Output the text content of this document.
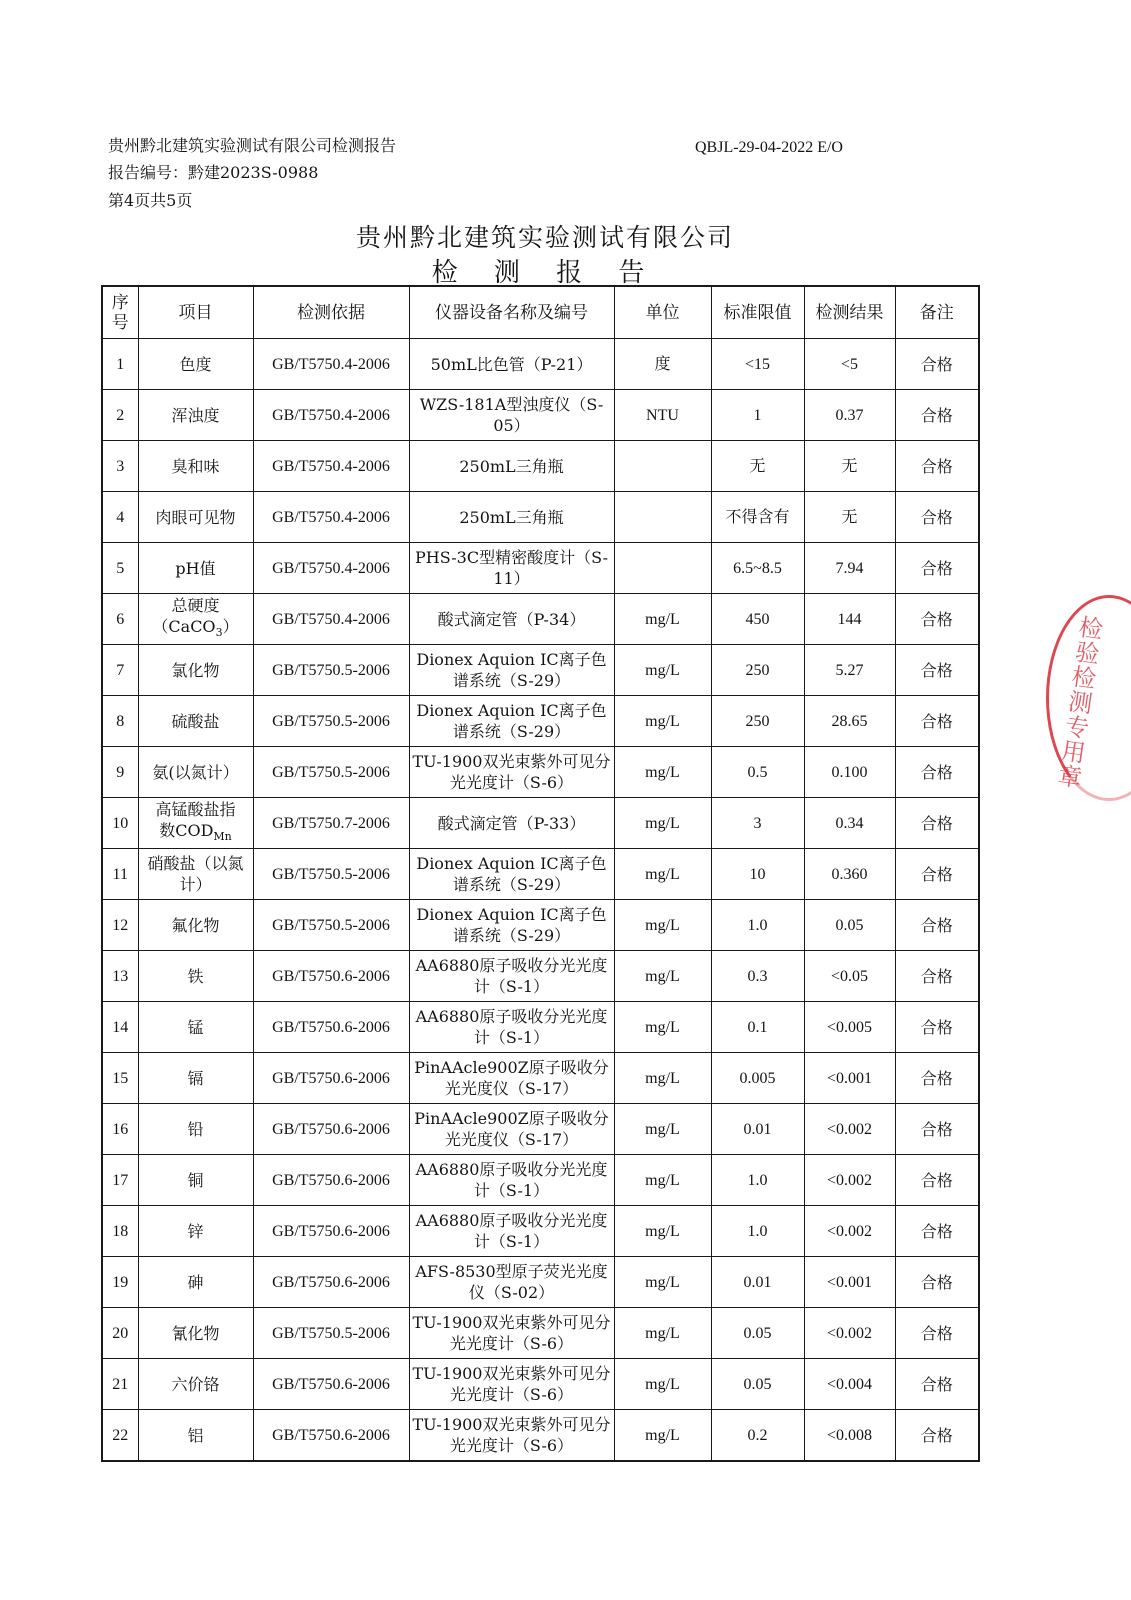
贵州黔北建筑实验测试有限公司检测报告
报告编号：黔建2023S-0988
第4页共5页
QBJL-29-04-2022 E/O
贵州黔北建筑实验测试有限公司
检 测 报 告
序
号	项目	检测依据	仪器设备名称及编号	单位	标准限值	检测结果	备注
1	色度	GB/T5750.4-2006	50mL比色管（P-21）	度	<15	<5	合格
2	浑浊度	GB/T5750.4-2006	WZS-181A型浊度仪（S-05）	NTU	1	0.37	合格
3	臭和味	GB/T5750.4-2006	250mL三角瓶		无	无	合格
4	肉眼可见物	GB/T5750.4-2006	250mL三角瓶		不得含有	无	合格
5	pH值	GB/T5750.4-2006	PHS-3C型精密酸度计（S-11）		6.5~8.5	7.94	合格
6	总硬度
（CaCO$_3$）	GB/T5750.4-2006	酸式滴定管（P-34）	mg/L	450	144	合格
7	氯化物	GB/T5750.5-2006	Dionex Aquion IC离子色谱系统（S-29）	mg/L	250	5.27	合格
8	硫酸盐	GB/T5750.5-2006	Dionex Aquion IC离子色谱系统（S-29）	mg/L	250	28.65	合格
9	氨(以氮计）	GB/T5750.5-2006	TU-1900双光束紫外可见分光光度计（S-6）	mg/L	0.5	0.100	合格
10	高锰酸盐指
数$COD_{Mn}$	GB/T5750.7-2006	酸式滴定管（P-33）	mg/L	3	0.34	合格
11	硝酸盐（以氮计）	GB/T5750.5-2006	Dionex Aquion IC离子色谱系统（S-29）	mg/L	10	0.360	合格
12	氟化物	GB/T5750.5-2006	Dionex Aquion IC离子色谱系统（S-29）	mg/L	1.0	0.05	合格
13	铁	GB/T5750.6-2006	AA6880原子吸收分光光度计（S-1）	mg/L	0.3	<0.05	合格
14	锰	GB/T5750.6-2006	AA6880原子吸收分光光度计（S-1）	mg/L	0.1	<0.005	合格
15	镉	GB/T5750.6-2006	PinAAcle900Z原子吸收分光光度仪（S-17）	mg/L	0.005	<0.001	合格
16	铅	GB/T5750.6-2006	PinAAcle900Z原子吸收分光光度仪（S-17）	mg/L	0.01	<0.002	合格
17	铜	GB/T5750.6-2006	AA6880原子吸收分光光度计（S-1）	mg/L	1.0	<0.002	合格
18	锌	GB/T5750.6-2006	AA6880原子吸收分光光度计（S-1）	mg/L	1.0	<0.002	合格
19	砷	GB/T5750.6-2006	AFS-8530型原子荧光光度仪（S-02）	mg/L	0.01	<0.001	合格
20	氰化物	GB/T5750.5-2006	TU-1900双光束紫外可见分光光度计（S-6）	mg/L	0.05	<0.002	合格
21	六价铬	GB/T5750.6-2006	TU-1900双光束紫外可见分光光度计（S-6）	mg/L	0.05	<0.004	合格
22	铝	GB/T5750.6-2006	TU-1900双光束紫外可见分光光度计（S-6）	mg/L	0.2	<0.008	合格
检验检测专用章
